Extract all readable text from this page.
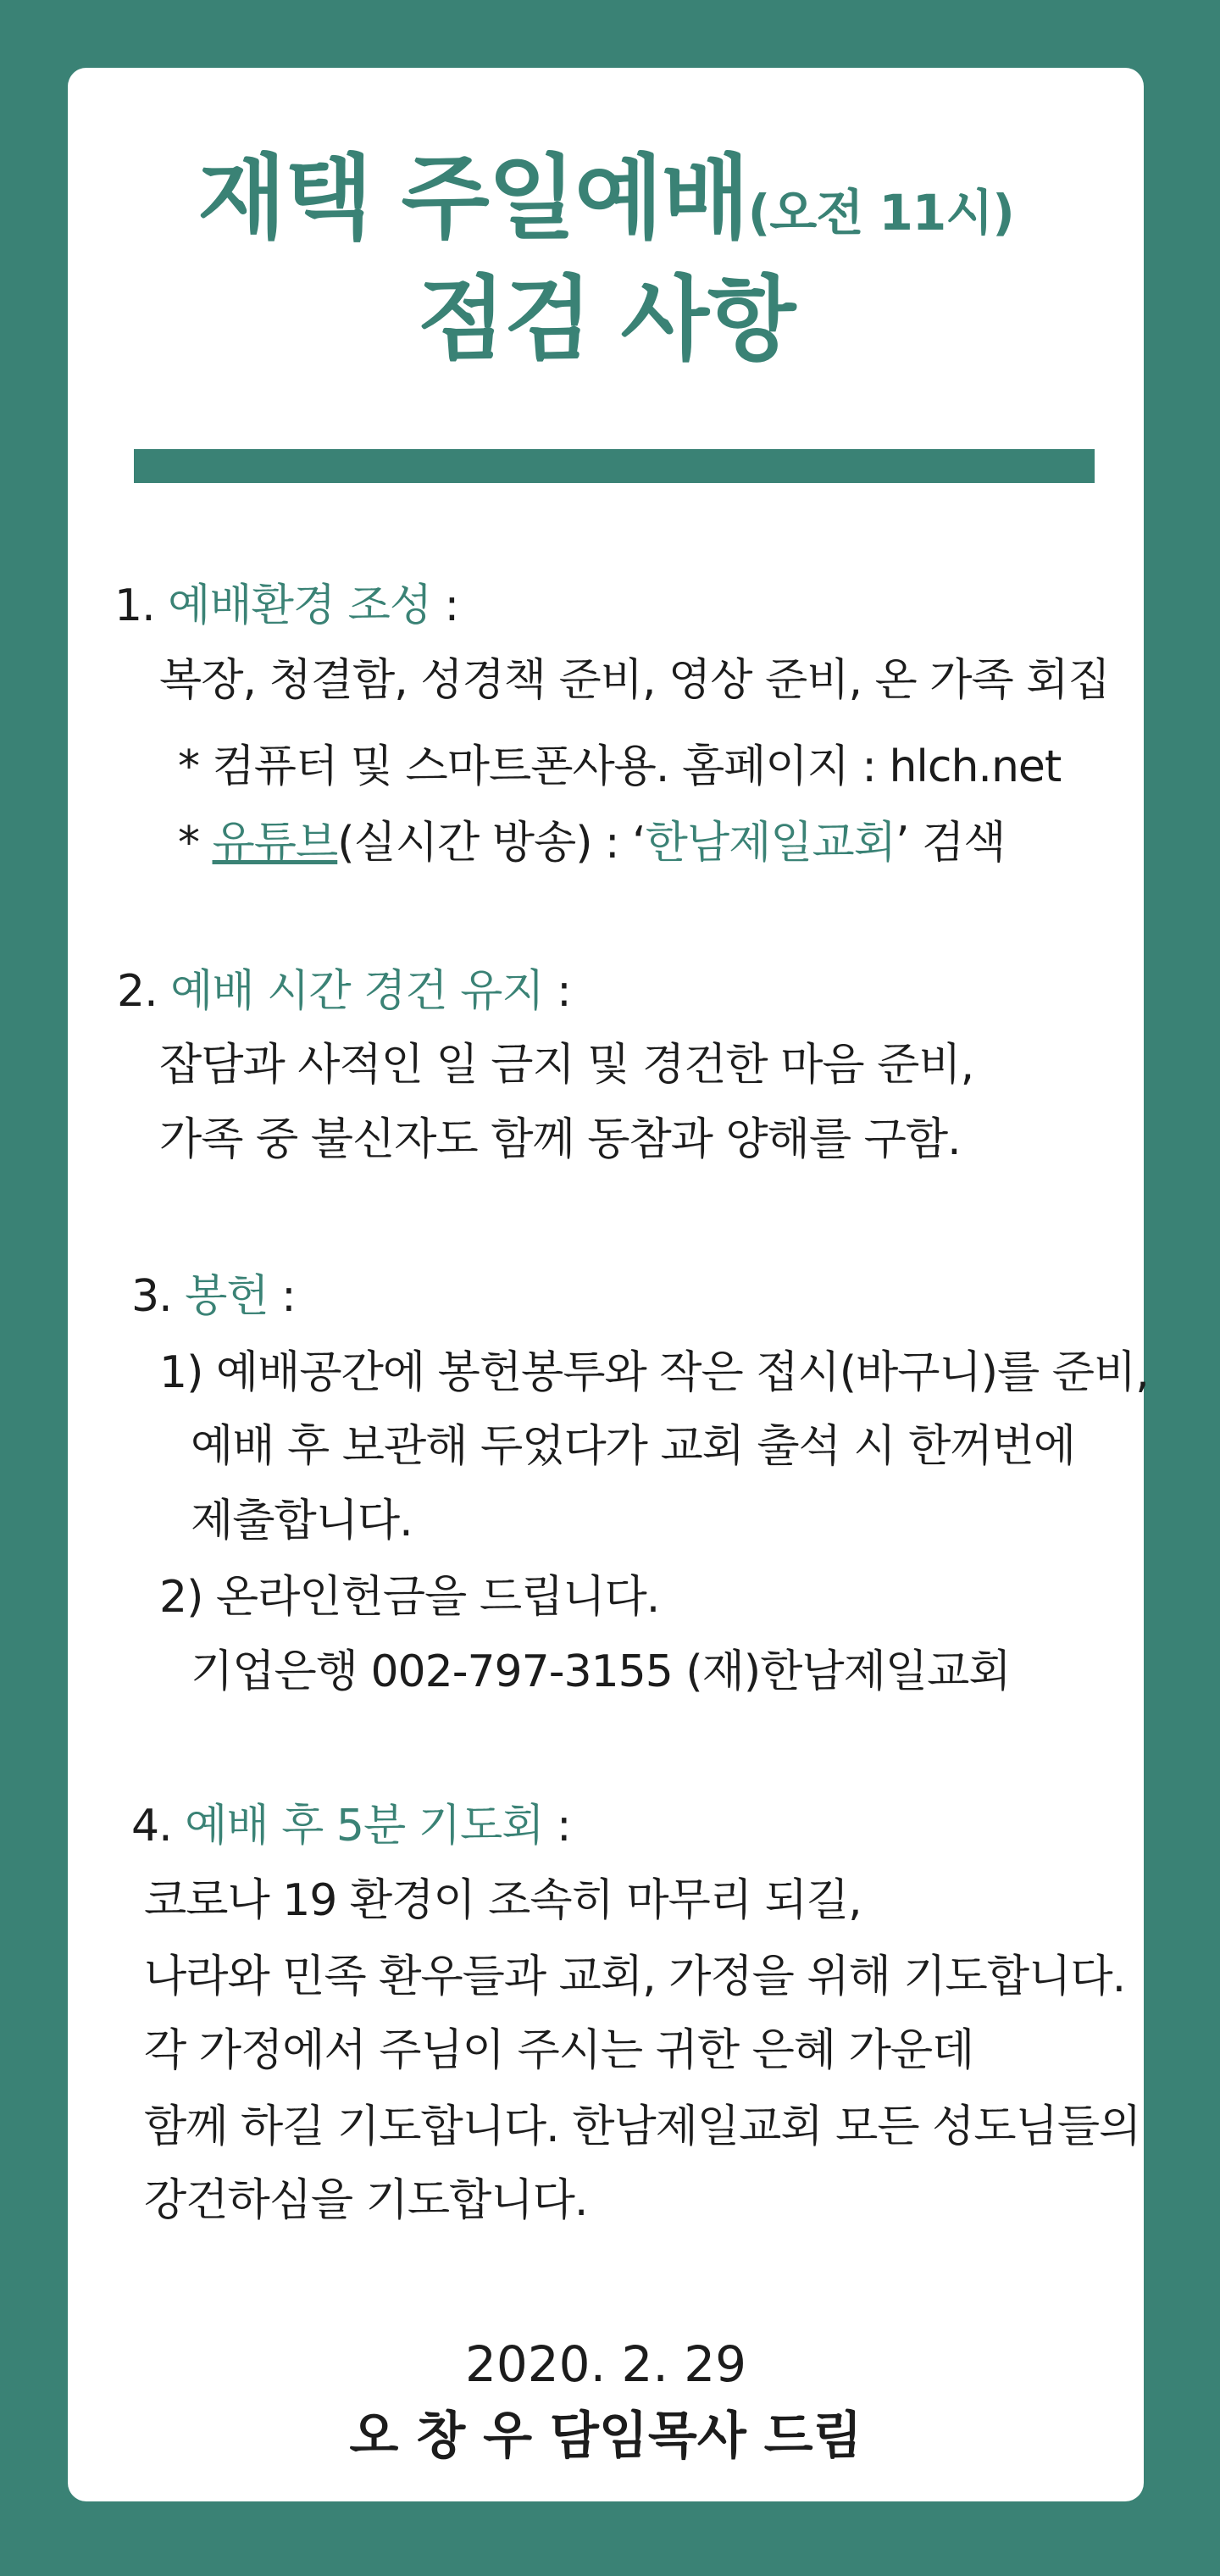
재택 주일예배(오전 11시)
점검 사항

1. 예배환경 조성 :

복장, 청결함, 성경책 준비, 영상 준비, 온 가족 회집

* 컴퓨터 및 스마트폰사용. 홈페이지 : hlch.net

* 유튜브(실시간 방송) : ‘한남제일교회’ 검색

2. 예배 시간 경건 유지 :

잡담과 사적인 일 금지 및 경건한 마음 준비,

가족 중 불신자도 함께 동참과 양해를 구함.

3. 봉헌 :

1) 예배공간에 봉헌봉투와 작은 접시(바구니)를 준비,

예배 후 보관해 두었다가 교회 출석 시 한꺼번에

제출합니다.

2) 온라인헌금을 드립니다.

기업은행 002-797-3155 (재)한남제일교회

4. 예배 후 5분 기도회 :

코로나 19 환경이 조속히 마무리 되길,

나라와 민족 환우들과 교회, 가정을 위해 기도합니다.

각 가정에서 주님이 주시는 귀한 은혜 가운데

함께 하길 기도합니다. 한남제일교회 모든 성도님들의

강건하심을 기도합니다.

2020. 2. 29

오 창 우 담임목사 드림
